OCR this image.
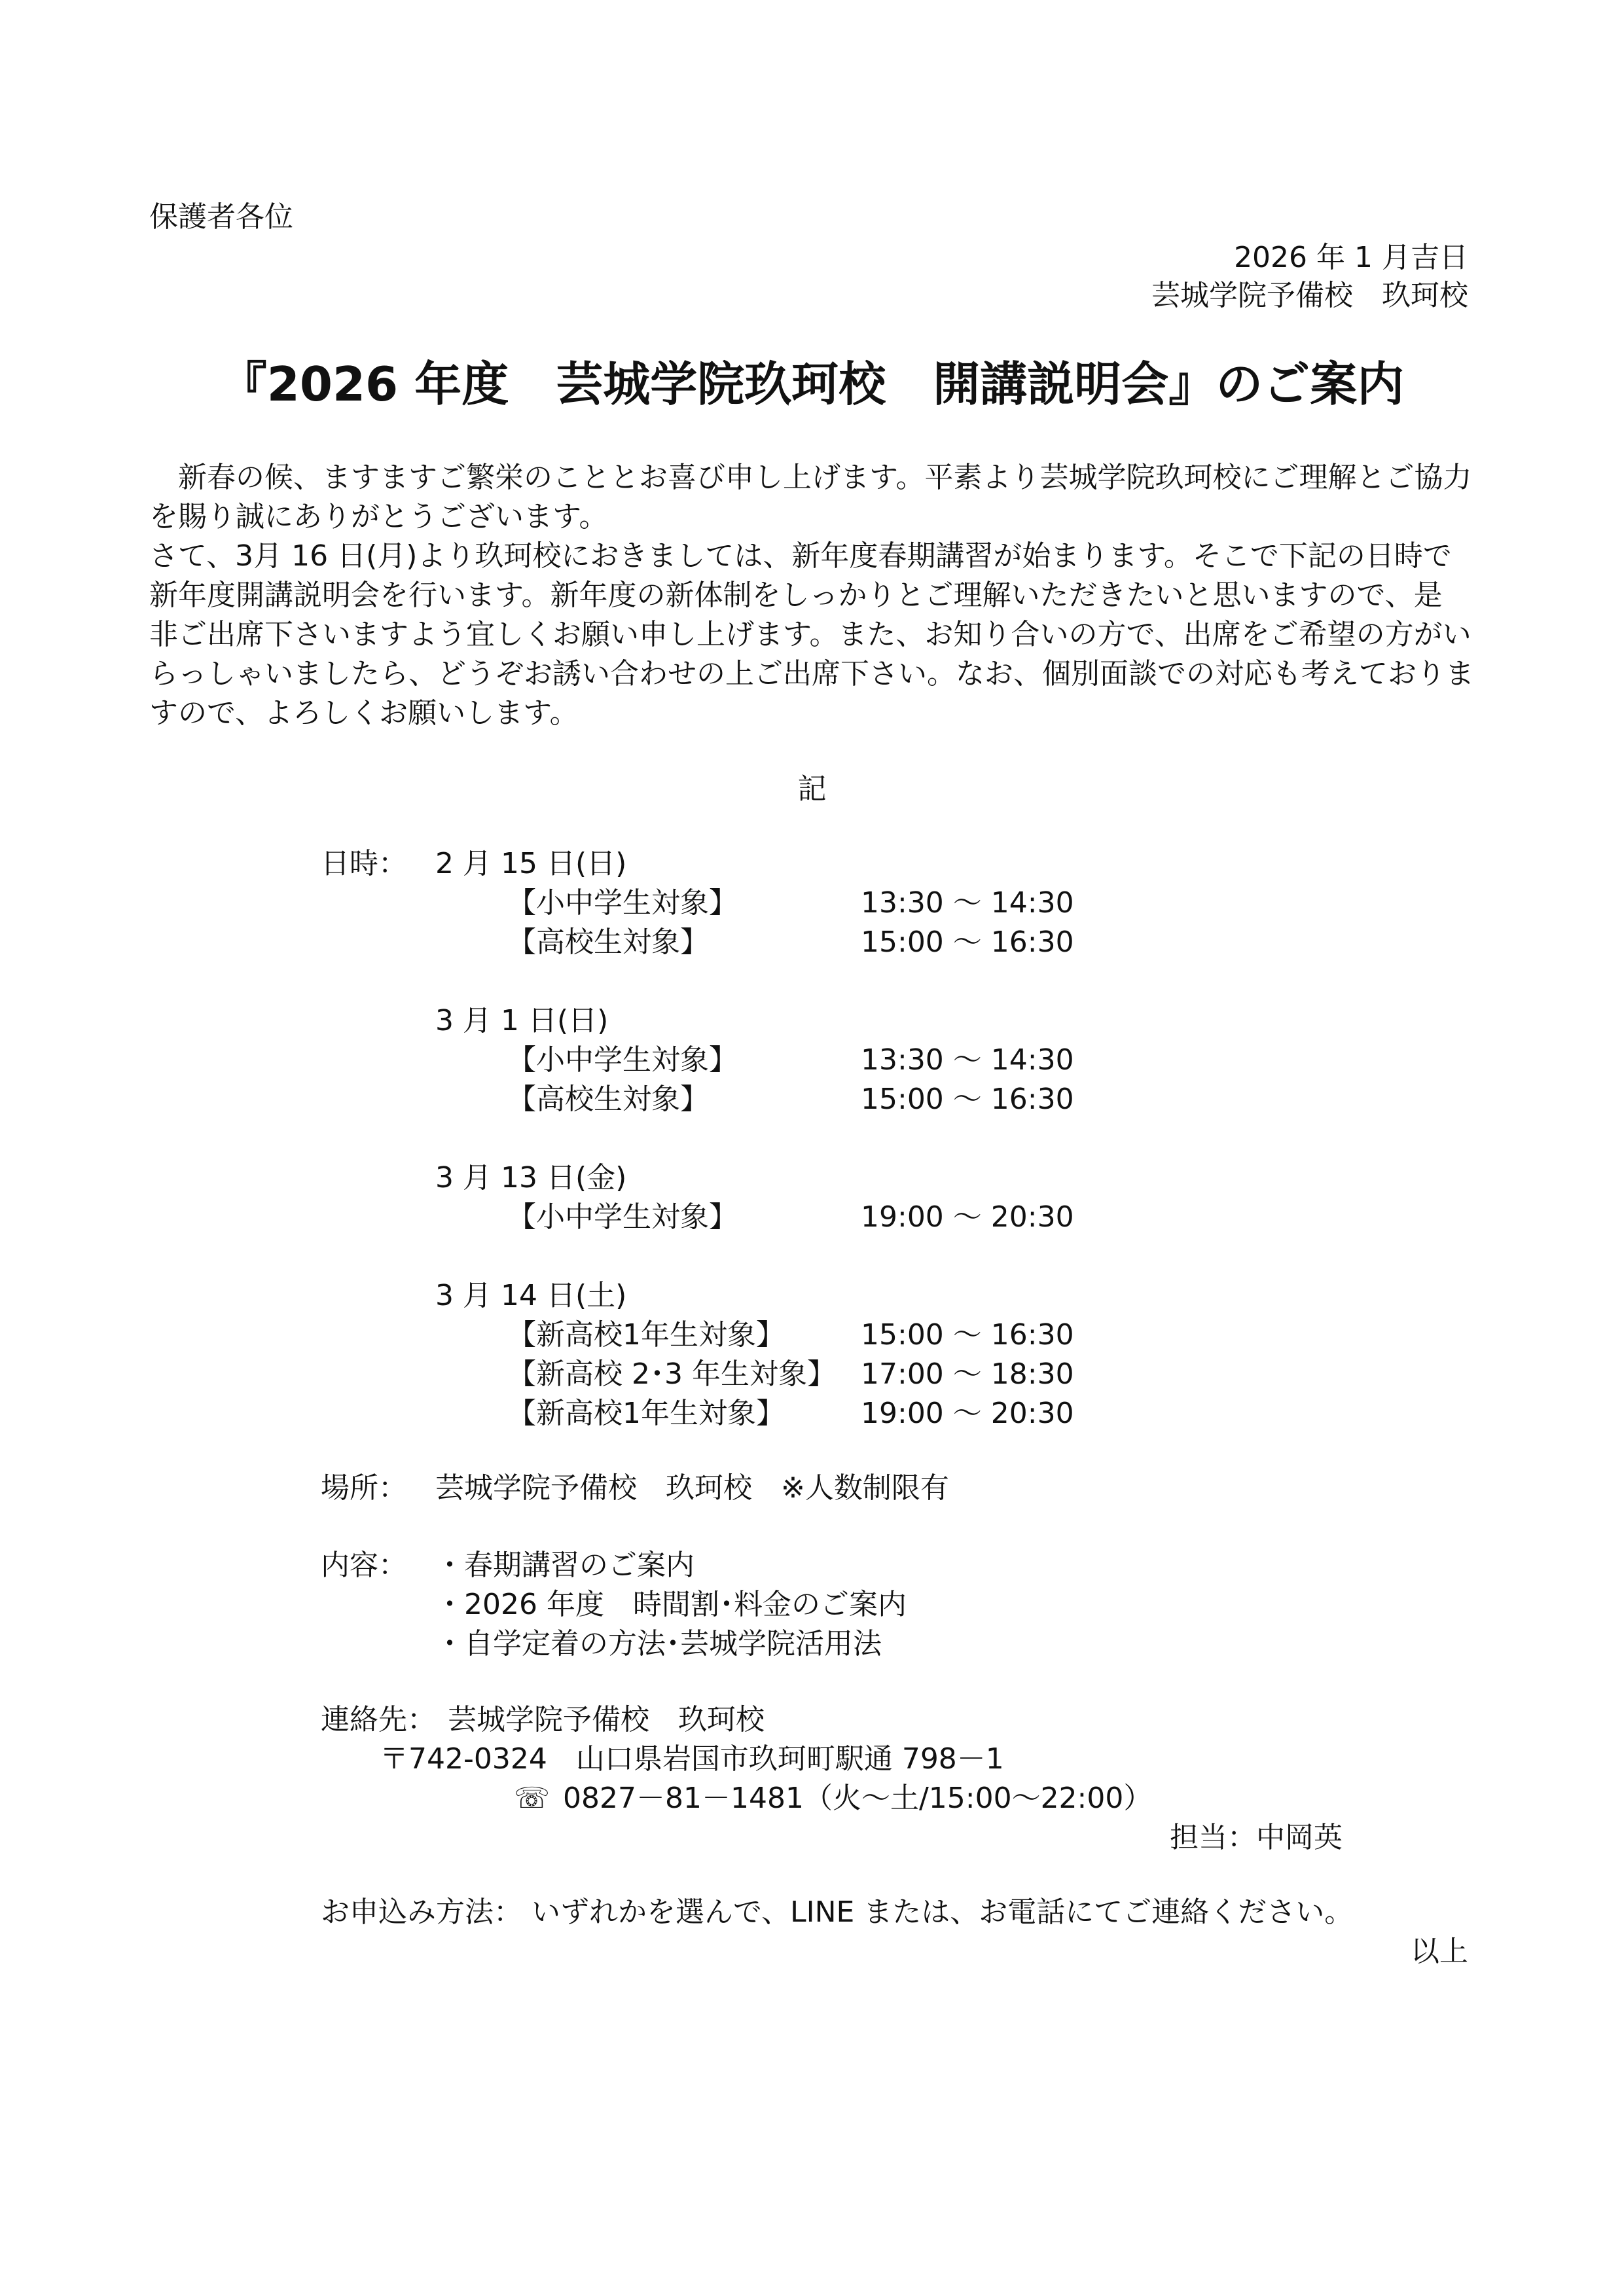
保護者各位
2026 年 1 月吉日
芸城学院予備校　玖珂校
『2026 年度　芸城学院玖珂校　開講説明会』のご案内

新春の候、ますますご繁栄のこととお喜び申し上げます。平素より芸城学院玖珂校にご理解とご協力

を賜り誠にありがとうございます。

さて、3月 16 日(月)より玖珂校におきましては、新年度春期講習が始まります。そこで下記の日時で

新年度開講説明会を行います。新年度の新体制をしっかりとご理解いただきたいと思いますので、是

非ご出席下さいますよう宜しくお願い申し上げます。また、お知り合いの方で、出席をご希望の方がい

らっしゃいましたら、どうぞお誘い合わせの上ご出席下さい。なお、個別面談での対応も考えておりま

すので、よろしくお願いします。

記
日時： 2 月 15 日(日)
【小中学生対象】	13:30 ～ 14:30
【高校生対象】	15:00 ～ 16:30
3 月 1 日(日)
【小中学生対象】	13:30 ～ 14:30
【高校生対象】	15:00 ～ 16:30
3 月 13 日(金)
【小中学生対象】	19:00 ～ 20:30
3 月 14 日(土)
【新高校1年生対象】	15:00 ～ 16:30
【新高校 2･3 年生対象】 17:00 ～ 18:30
【新高校1年生対象】	19:00 ～ 20:30
場所： 芸城学院予備校　玖珂校　※人数制限有
内容： ・春期講習のご案内
・2026 年度　時間割･料金のご案内
・自学定着の方法･芸城学院活用法
連絡先： 芸城学院予備校　玖珂校
〒742-0324　山口県岩国市玖珂町駅通 798－1
☏ 0827－81－1481（火～土/15:00～22:00）
担当：中岡英
お申込み方法： いずれかを選んで、LINE または、お電話にてご連絡ください。
以上
